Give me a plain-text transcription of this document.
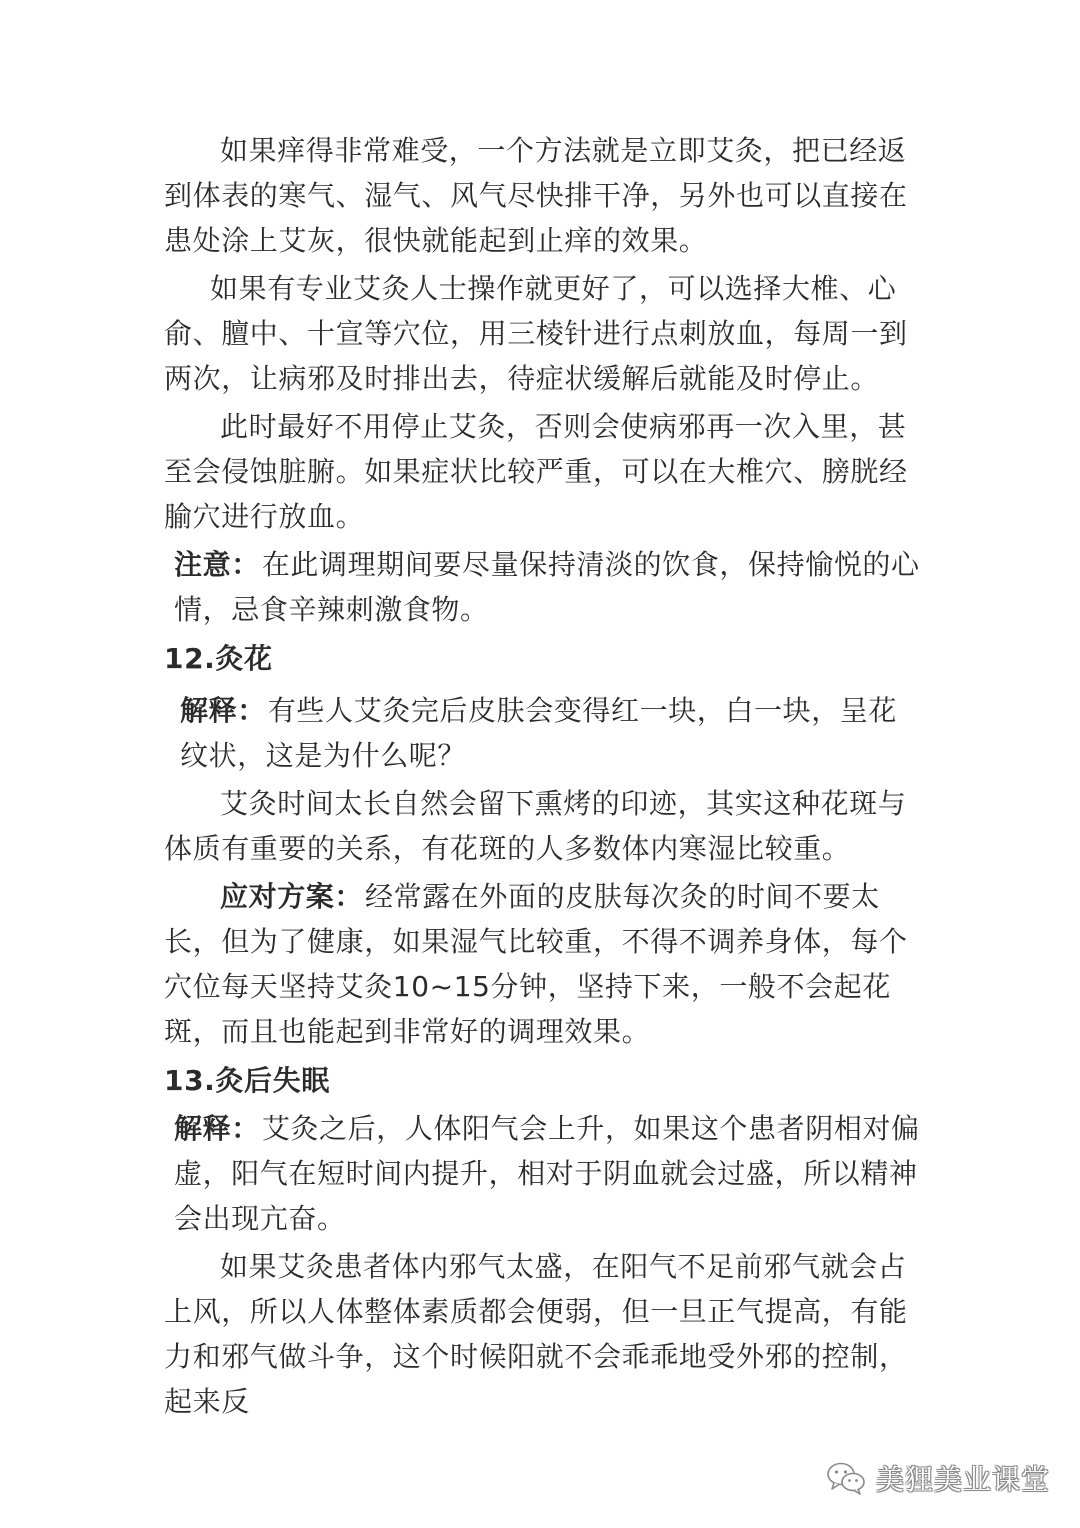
如果痒得非常难受，一个方法就是立即艾灸，把已经返到体表的寒气、湿气、风气尽快排干净，另外也可以直接在患处涂上艾灰，很快就能起到止痒的效果。

如果有专业艾灸人士操作就更好了，可以选择大椎、心俞、膻中、十宣等穴位，用三棱针进行点刺放血，每周一到两次，让病邪及时排出去，待症状缓解后就能及时停止。

此时最好不用停止艾灸，否则会使病邪再一次入里，甚至会侵蚀脏腑。如果症状比较严重，可以在大椎穴、膀胱经腧穴进行放血。

注意：在此调理期间要尽量保持清淡的饮食，保持愉悦的心情，忌食辛辣刺激食物。

12.灸花

解释：有些人艾灸完后皮肤会变得红一块，白一块，呈花纹状，这是为什么呢？

艾灸时间太长自然会留下熏烤的印迹，其实这种花斑与体质有重要的关系，有花斑的人多数体内寒湿比较重。

应对方案：经常露在外面的皮肤每次灸的时间不要太长，但为了健康，如果湿气比较重，不得不调养身体，每个穴位每天坚持艾灸10~15分钟，坚持下来，一般不会起花斑，而且也能起到非常好的调理效果。

13.灸后失眠

解释：艾灸之后，人体阳气会上升，如果这个患者阴相对偏虚，阳气在短时间内提升，相对于阴血就会过盛，所以精神会出现亢奋。

如果艾灸患者体内邪气太盛，在阳气不足前邪气就会占上风，所以人体整体素质都会便弱，但一旦正气提高，有能力和邪气做斗争，这个时候阳就不会乖乖地受外邪的控制，起来反

美狸美业课堂
